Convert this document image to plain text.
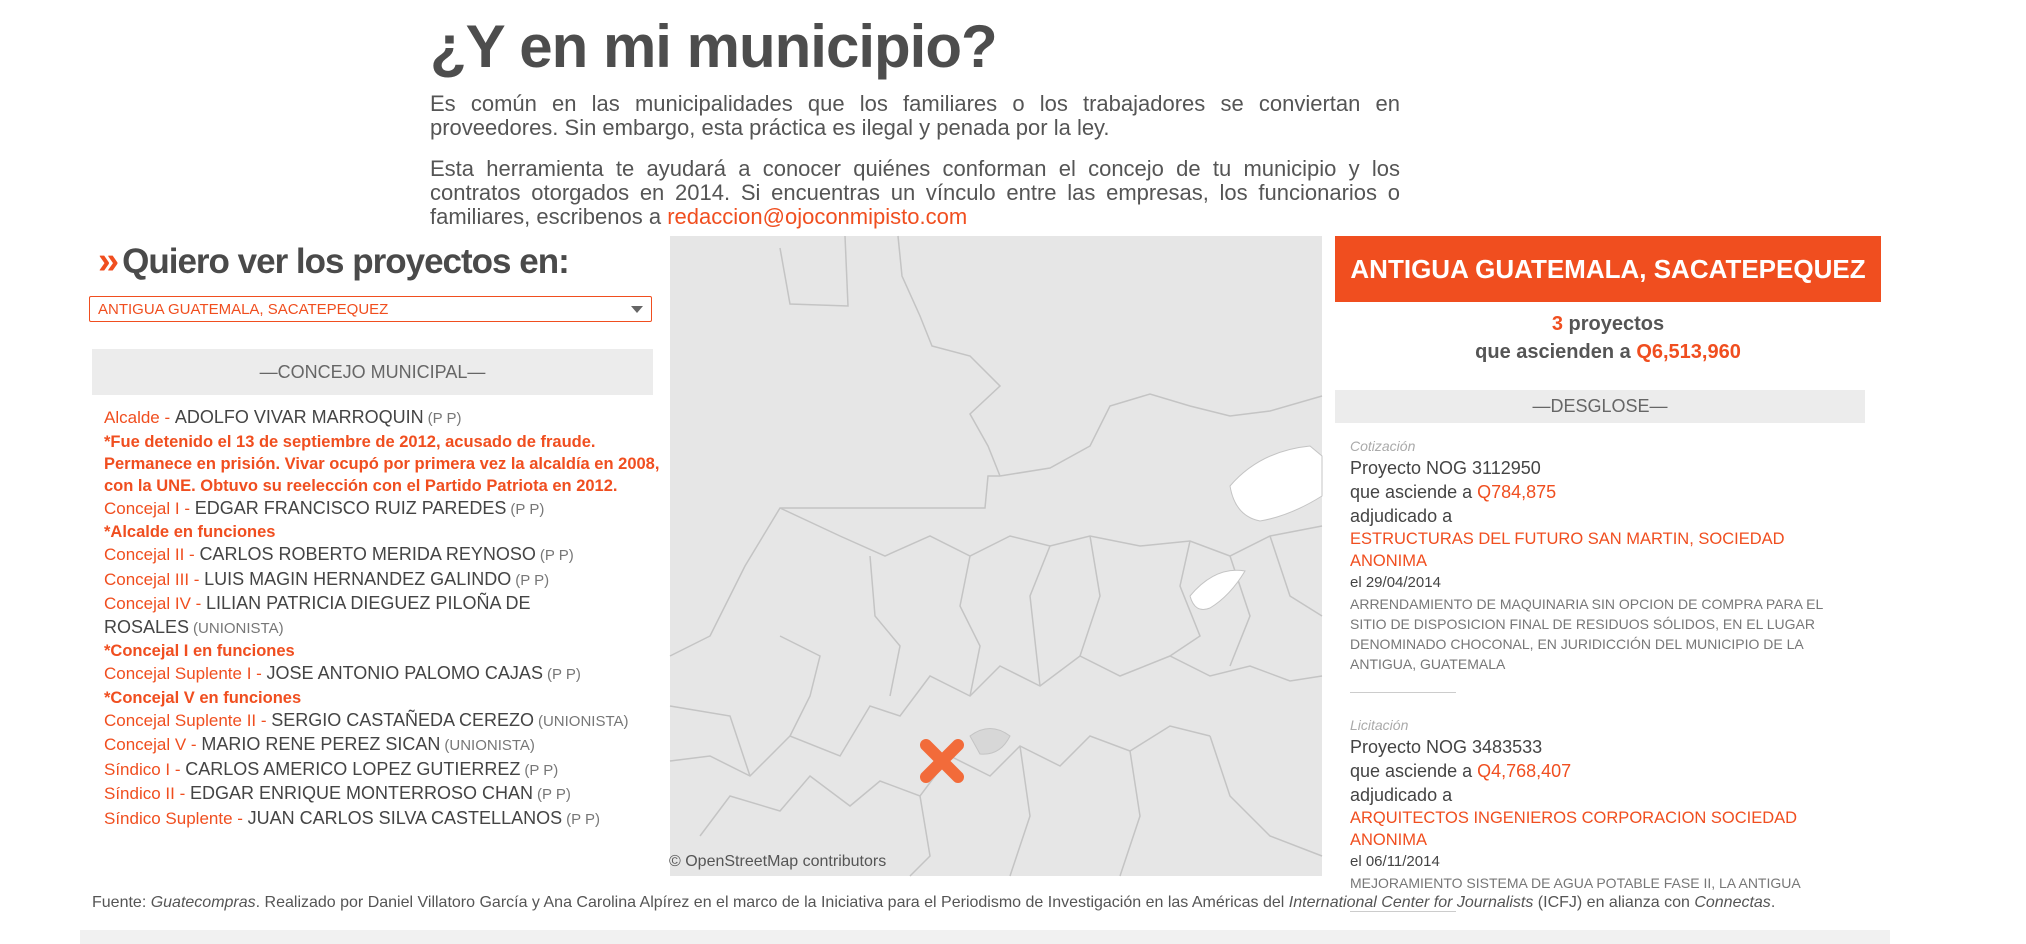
¿Y en mi municipio?

Es común en las municipalidades que los familiares o los trabajadores se conviertan en proveedores. Sin embargo, esta práctica es ilegal y penada por la ley.

Esta herramienta te ayudará a conocer quiénes conforman el concejo de tu municipio y los contratos otorgados en 2014. Si encuentras un vínculo entre las empresas, los funcionarios o familiares, escribenos a redaccion@ojoconmipisto.com

» Quiero ver los proyectos en:
ANTIGUA GUATEMALA, SACATEPEQUEZ
—CONCEJO MUNICIPAL—
Alcalde - ADOLFO VIVAR MARROQUIN (P P)
*Fue detenido el 13 de septiembre de 2012, acusado de fraude. Permanece en prisión. Vivar ocupó por primera vez la alcaldía en 2008, con la UNE. Obtuvo su reelección con el Partido Patriota en 2012.
Concejal I - EDGAR FRANCISCO RUIZ PAREDES (P P)
*Alcalde en funciones
Concejal II - CARLOS ROBERTO MERIDA REYNOSO (P P)
Concejal III - LUIS MAGIN HERNANDEZ GALINDO (P P)
Concejal IV - LILIAN PATRICIA DIEGUEZ PILOÑA DE ROSALES (UNIONISTA)
*Concejal I en funciones
Concejal Suplente I - JOSE ANTONIO PALOMO CAJAS (P P)
*Concejal V en funciones
Concejal Suplente II - SERGIO CASTAÑEDA CEREZO (UNIONISTA)
Concejal V - MARIO RENE PEREZ SICAN (UNIONISTA)
Síndico I - CARLOS AMERICO LOPEZ GUTIERREZ (P P)
Síndico II - EDGAR ENRIQUE MONTERROSO CHAN (P P)
Síndico Suplente - JUAN CARLOS SILVA CASTELLANOS (P P)
© OpenStreetMap contributors
ANTIGUA GUATEMALA, SACATEPEQUEZ
3 proyectos
que ascienden a Q6,513,960
—DESGLOSE—
Cotización
Proyecto NOG 3112950
que asciende a Q784,875
adjudicado a
ESTRUCTURAS DEL FUTURO SAN MARTIN, SOCIEDAD ANONIMA
el 29/04/2014
ARRENDAMIENTO DE MAQUINARIA SIN OPCION DE COMPRA PARA EL SITIO DE DISPOSICION FINAL DE RESIDUOS SÓLIDOS, EN EL LUGAR DENOMINADO CHOCONAL, EN JURIDICCIÓN DEL MUNICIPIO DE LA ANTIGUA, GUATEMALA
Licitación
Proyecto NOG 3483533
que asciende a Q4,768,407
adjudicado a
ARQUITECTOS INGENIEROS CORPORACION SOCIEDAD ANONIMA
el 06/11/2014
MEJORAMIENTO SISTEMA DE AGUA POTABLE FASE II, LA ANTIGUA
Fuente: Guatecompras. Realizado por Daniel Villatoro García y Ana Carolina Alpírez en el marco de la Iniciativa para el Periodismo de Investigación en las Américas del International Center for Journalists (ICFJ) en alianza con Connectas.
